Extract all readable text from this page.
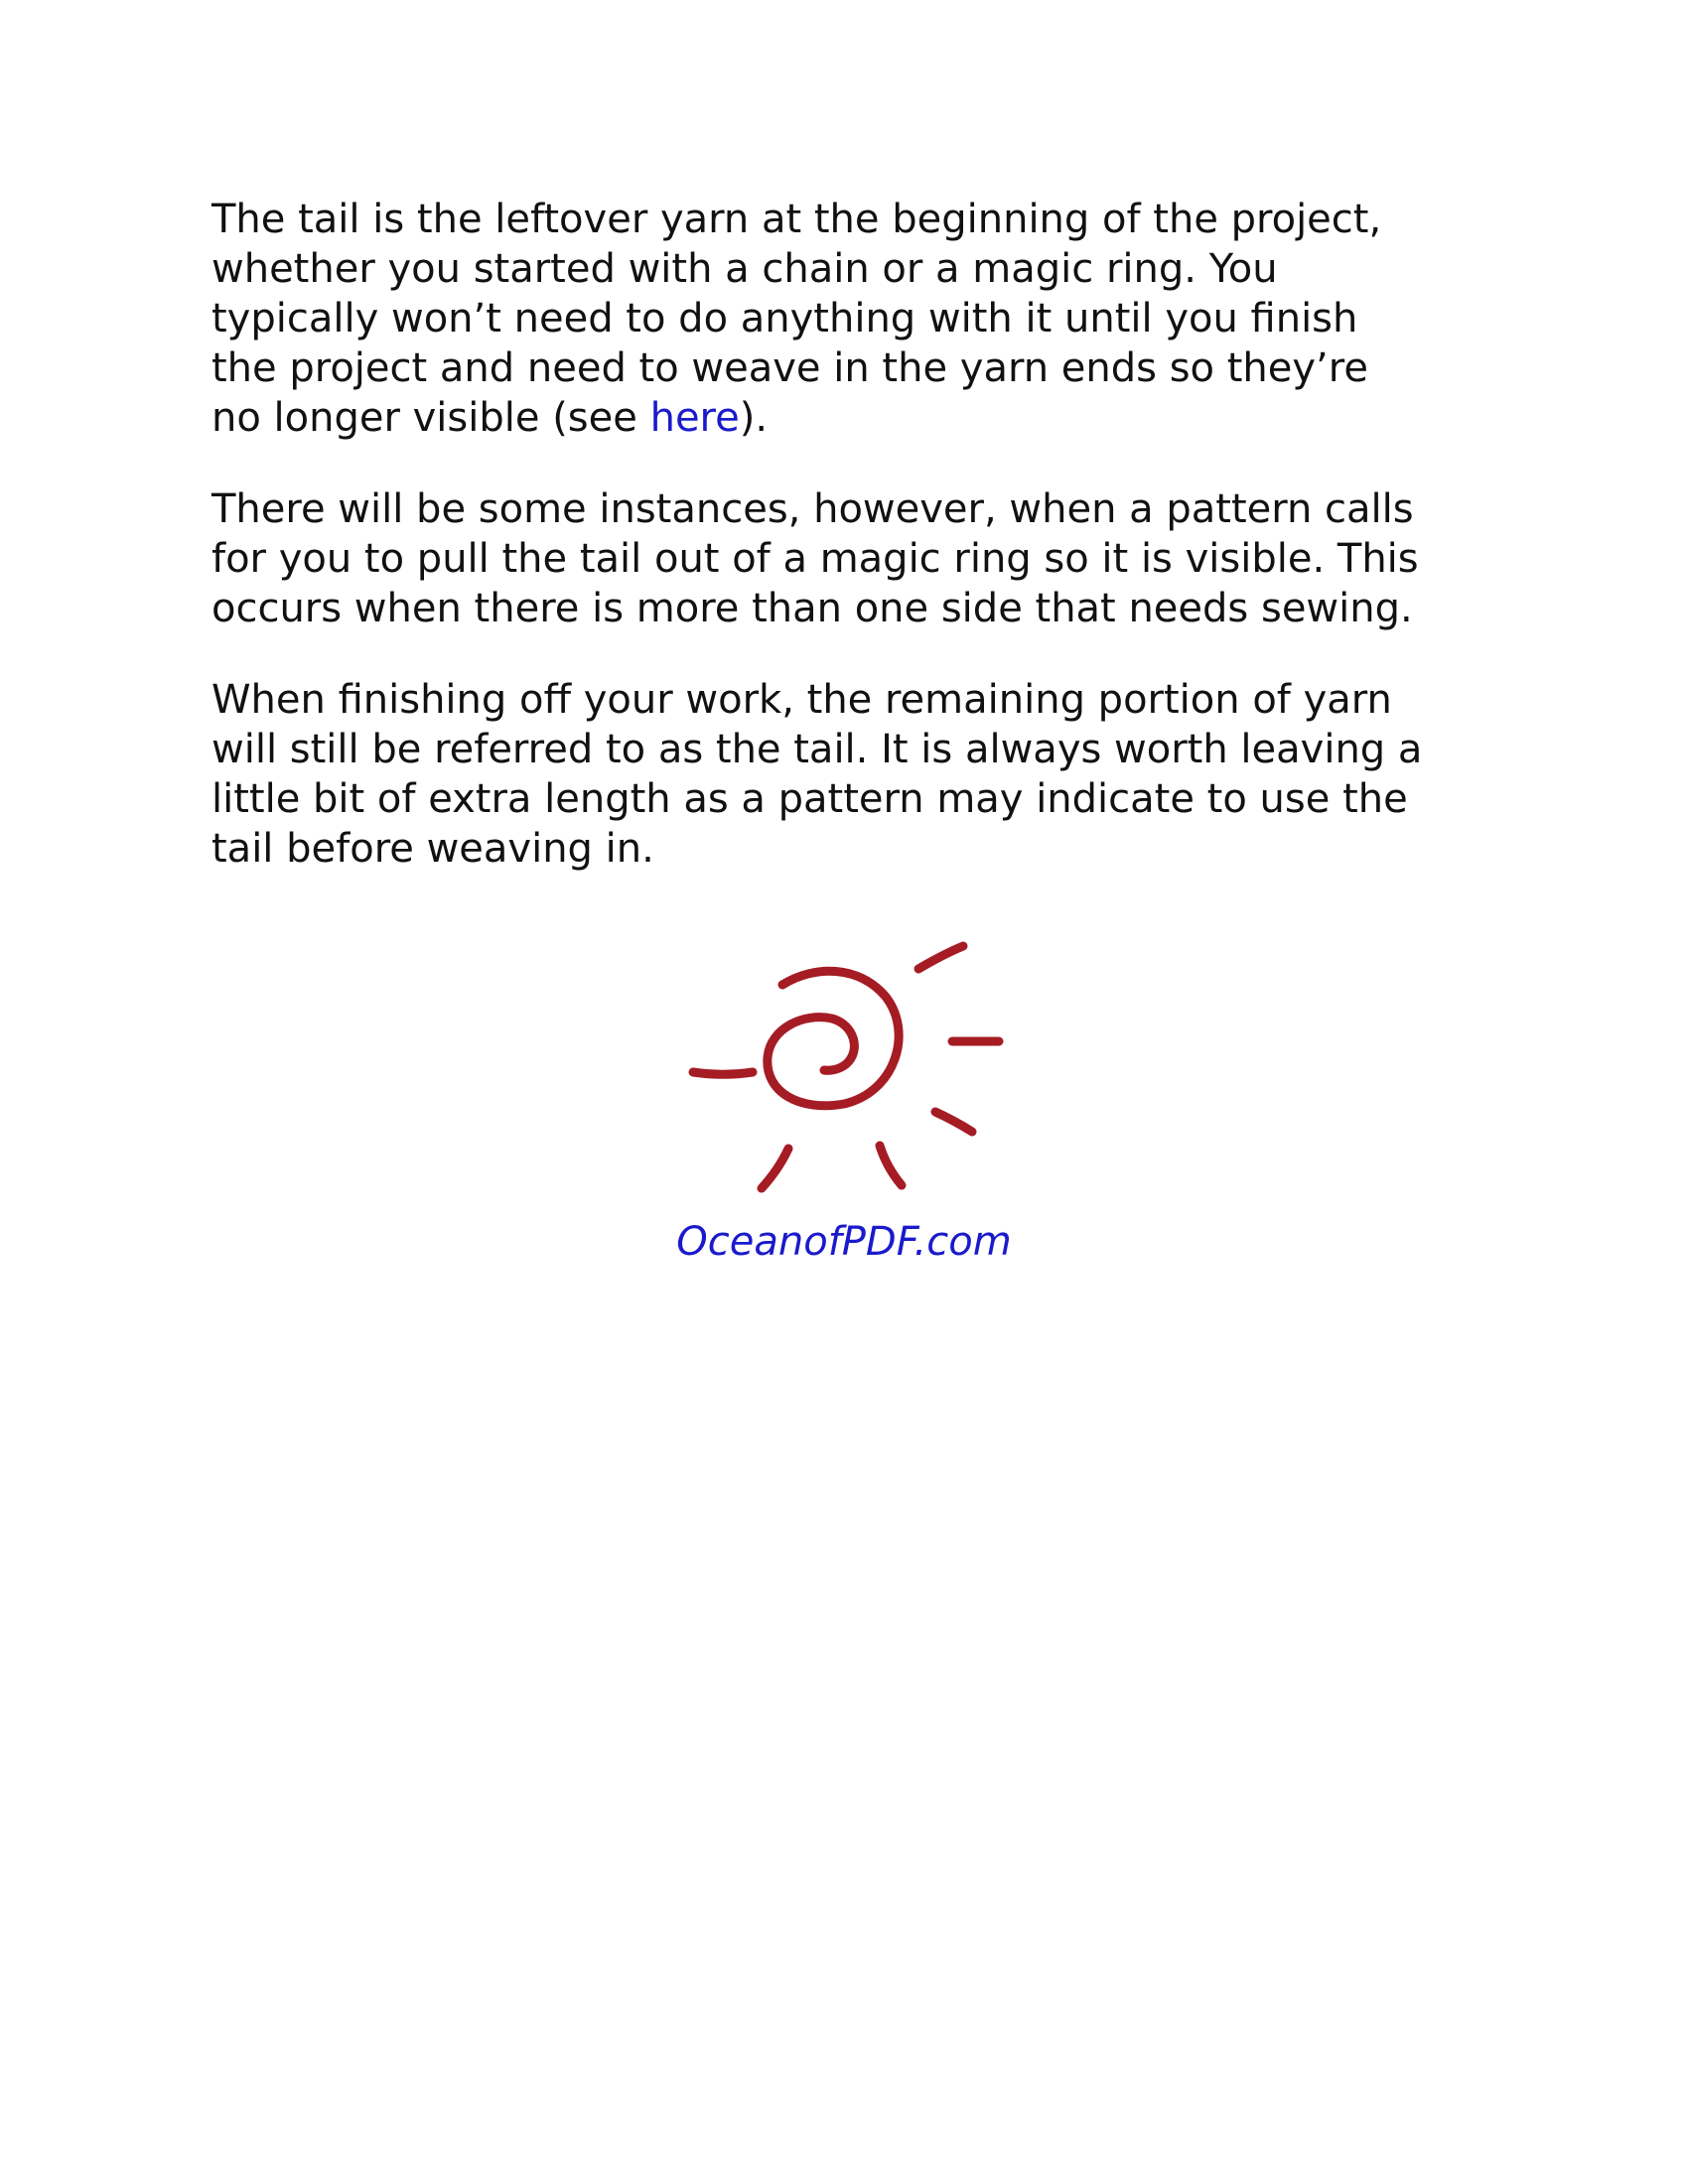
The tail is the leftover yarn at the beginning of the project,
whether you started with a chain or a magic ring. You
typically won’t need to do anything with it until you finish
the project and need to weave in the yarn ends so they’re
no longer visible (see here).

There will be some instances, however, when a pattern calls
for you to pull the tail out of a magic ring so it is visible. This
occurs when there is more than one side that needs sewing.

When finishing off your work, the remaining portion of yarn
will still be referred to as the tail. It is always worth leaving a
little bit of extra length as a pattern may indicate to use the
tail before weaving in.

OceanofPDF.com
